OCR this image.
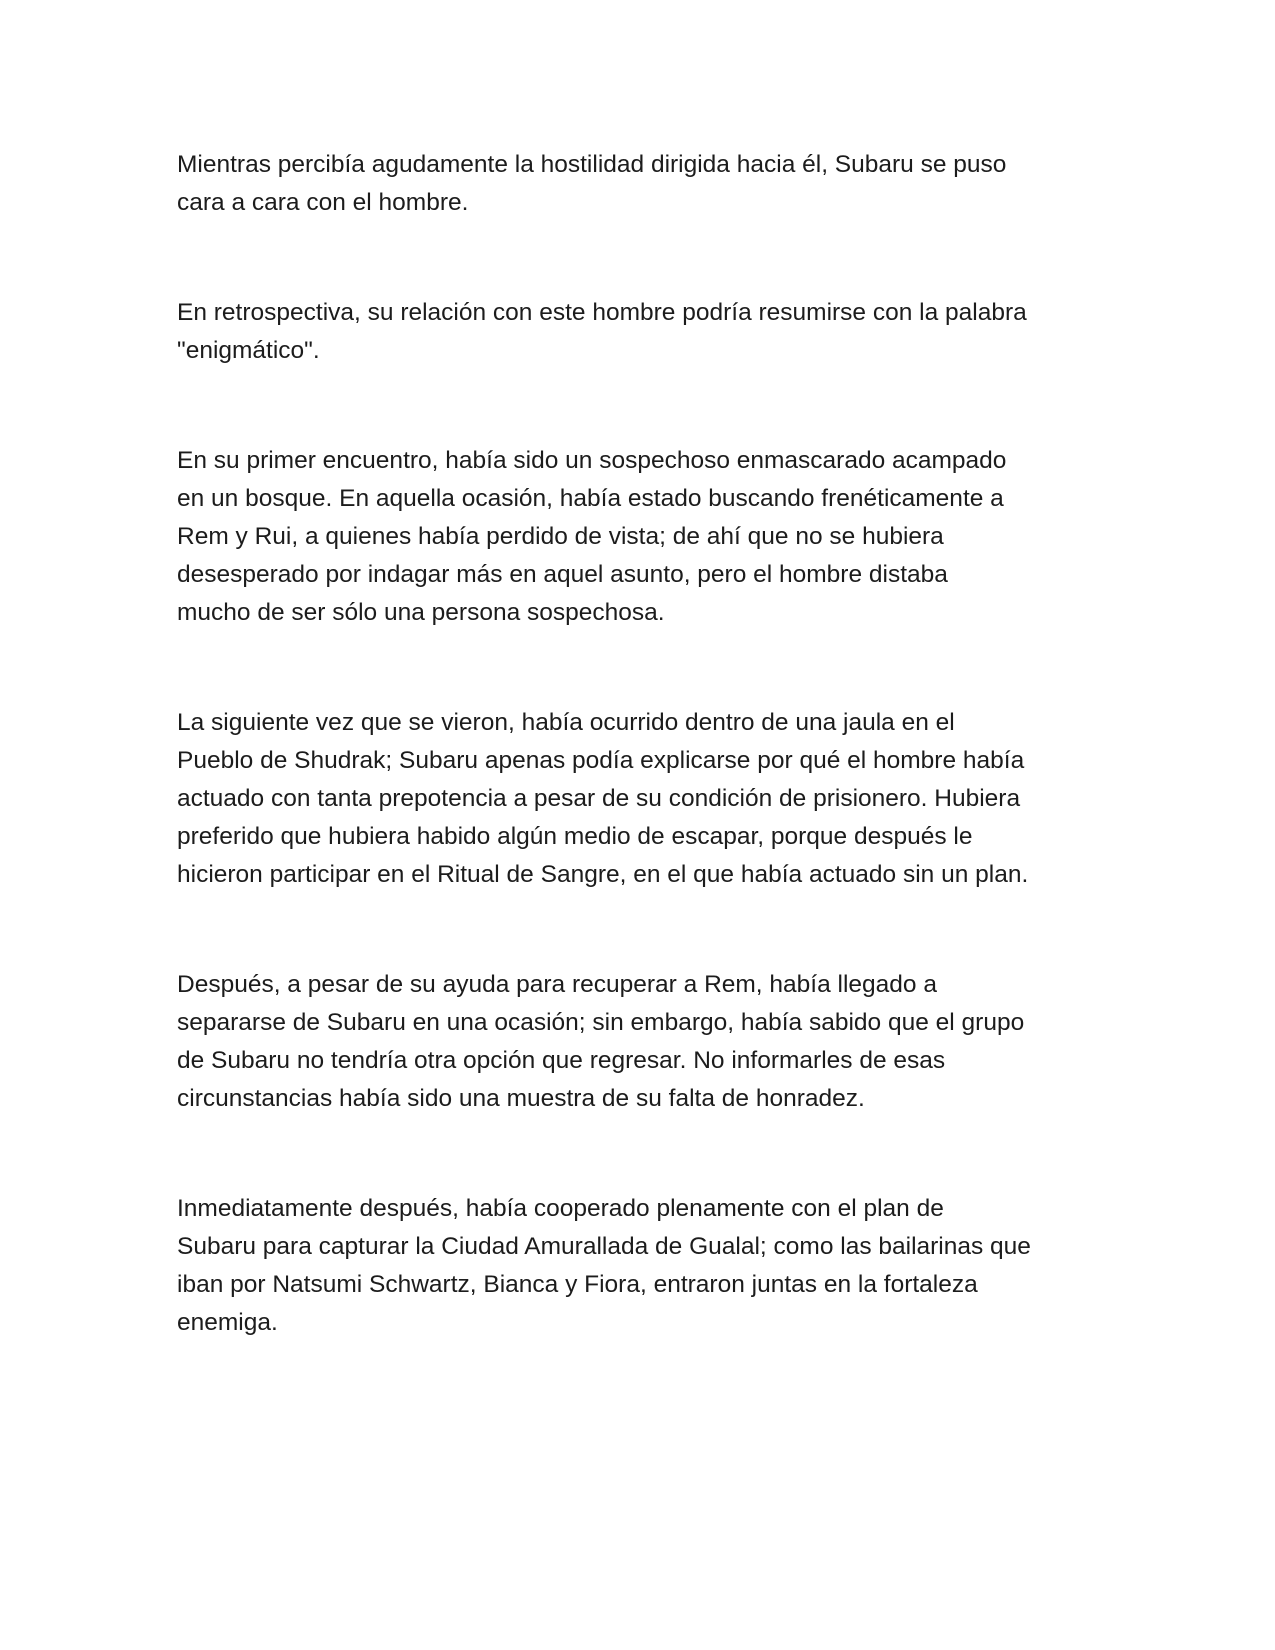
Mientras percibía agudamente la hostilidad dirigida hacia él, Subaru se puso
cara a cara con el hombre.

En retrospectiva, su relación con este hombre podría resumirse con la palabra
"enigmático".

En su primer encuentro, había sido un sospechoso enmascarado acampado
en un bosque. En aquella ocasión, había estado buscando frenéticamente a
Rem y Rui, a quienes había perdido de vista; de ahí que no se hubiera
desesperado por indagar más en aquel asunto, pero el hombre distaba
mucho de ser sólo una persona sospechosa.

La siguiente vez que se vieron, había ocurrido dentro de una jaula en el
Pueblo de Shudrak; Subaru apenas podía explicarse por qué el hombre había
actuado con tanta prepotencia a pesar de su condición de prisionero. Hubiera
preferido que hubiera habido algún medio de escapar, porque después le
hicieron participar en el Ritual de Sangre, en el que había actuado sin un plan.

Después, a pesar de su ayuda para recuperar a Rem, había llegado a
separarse de Subaru en una ocasión; sin embargo, había sabido que el grupo
de Subaru no tendría otra opción que regresar. No informarles de esas
circunstancias había sido una muestra de su falta de honradez.

Inmediatamente después, había cooperado plenamente con el plan de
Subaru para capturar la Ciudad Amurallada de Gualal; como las bailarinas que
iban por Natsumi Schwartz, Bianca y Fiora, entraron juntas en la fortaleza
enemiga.
